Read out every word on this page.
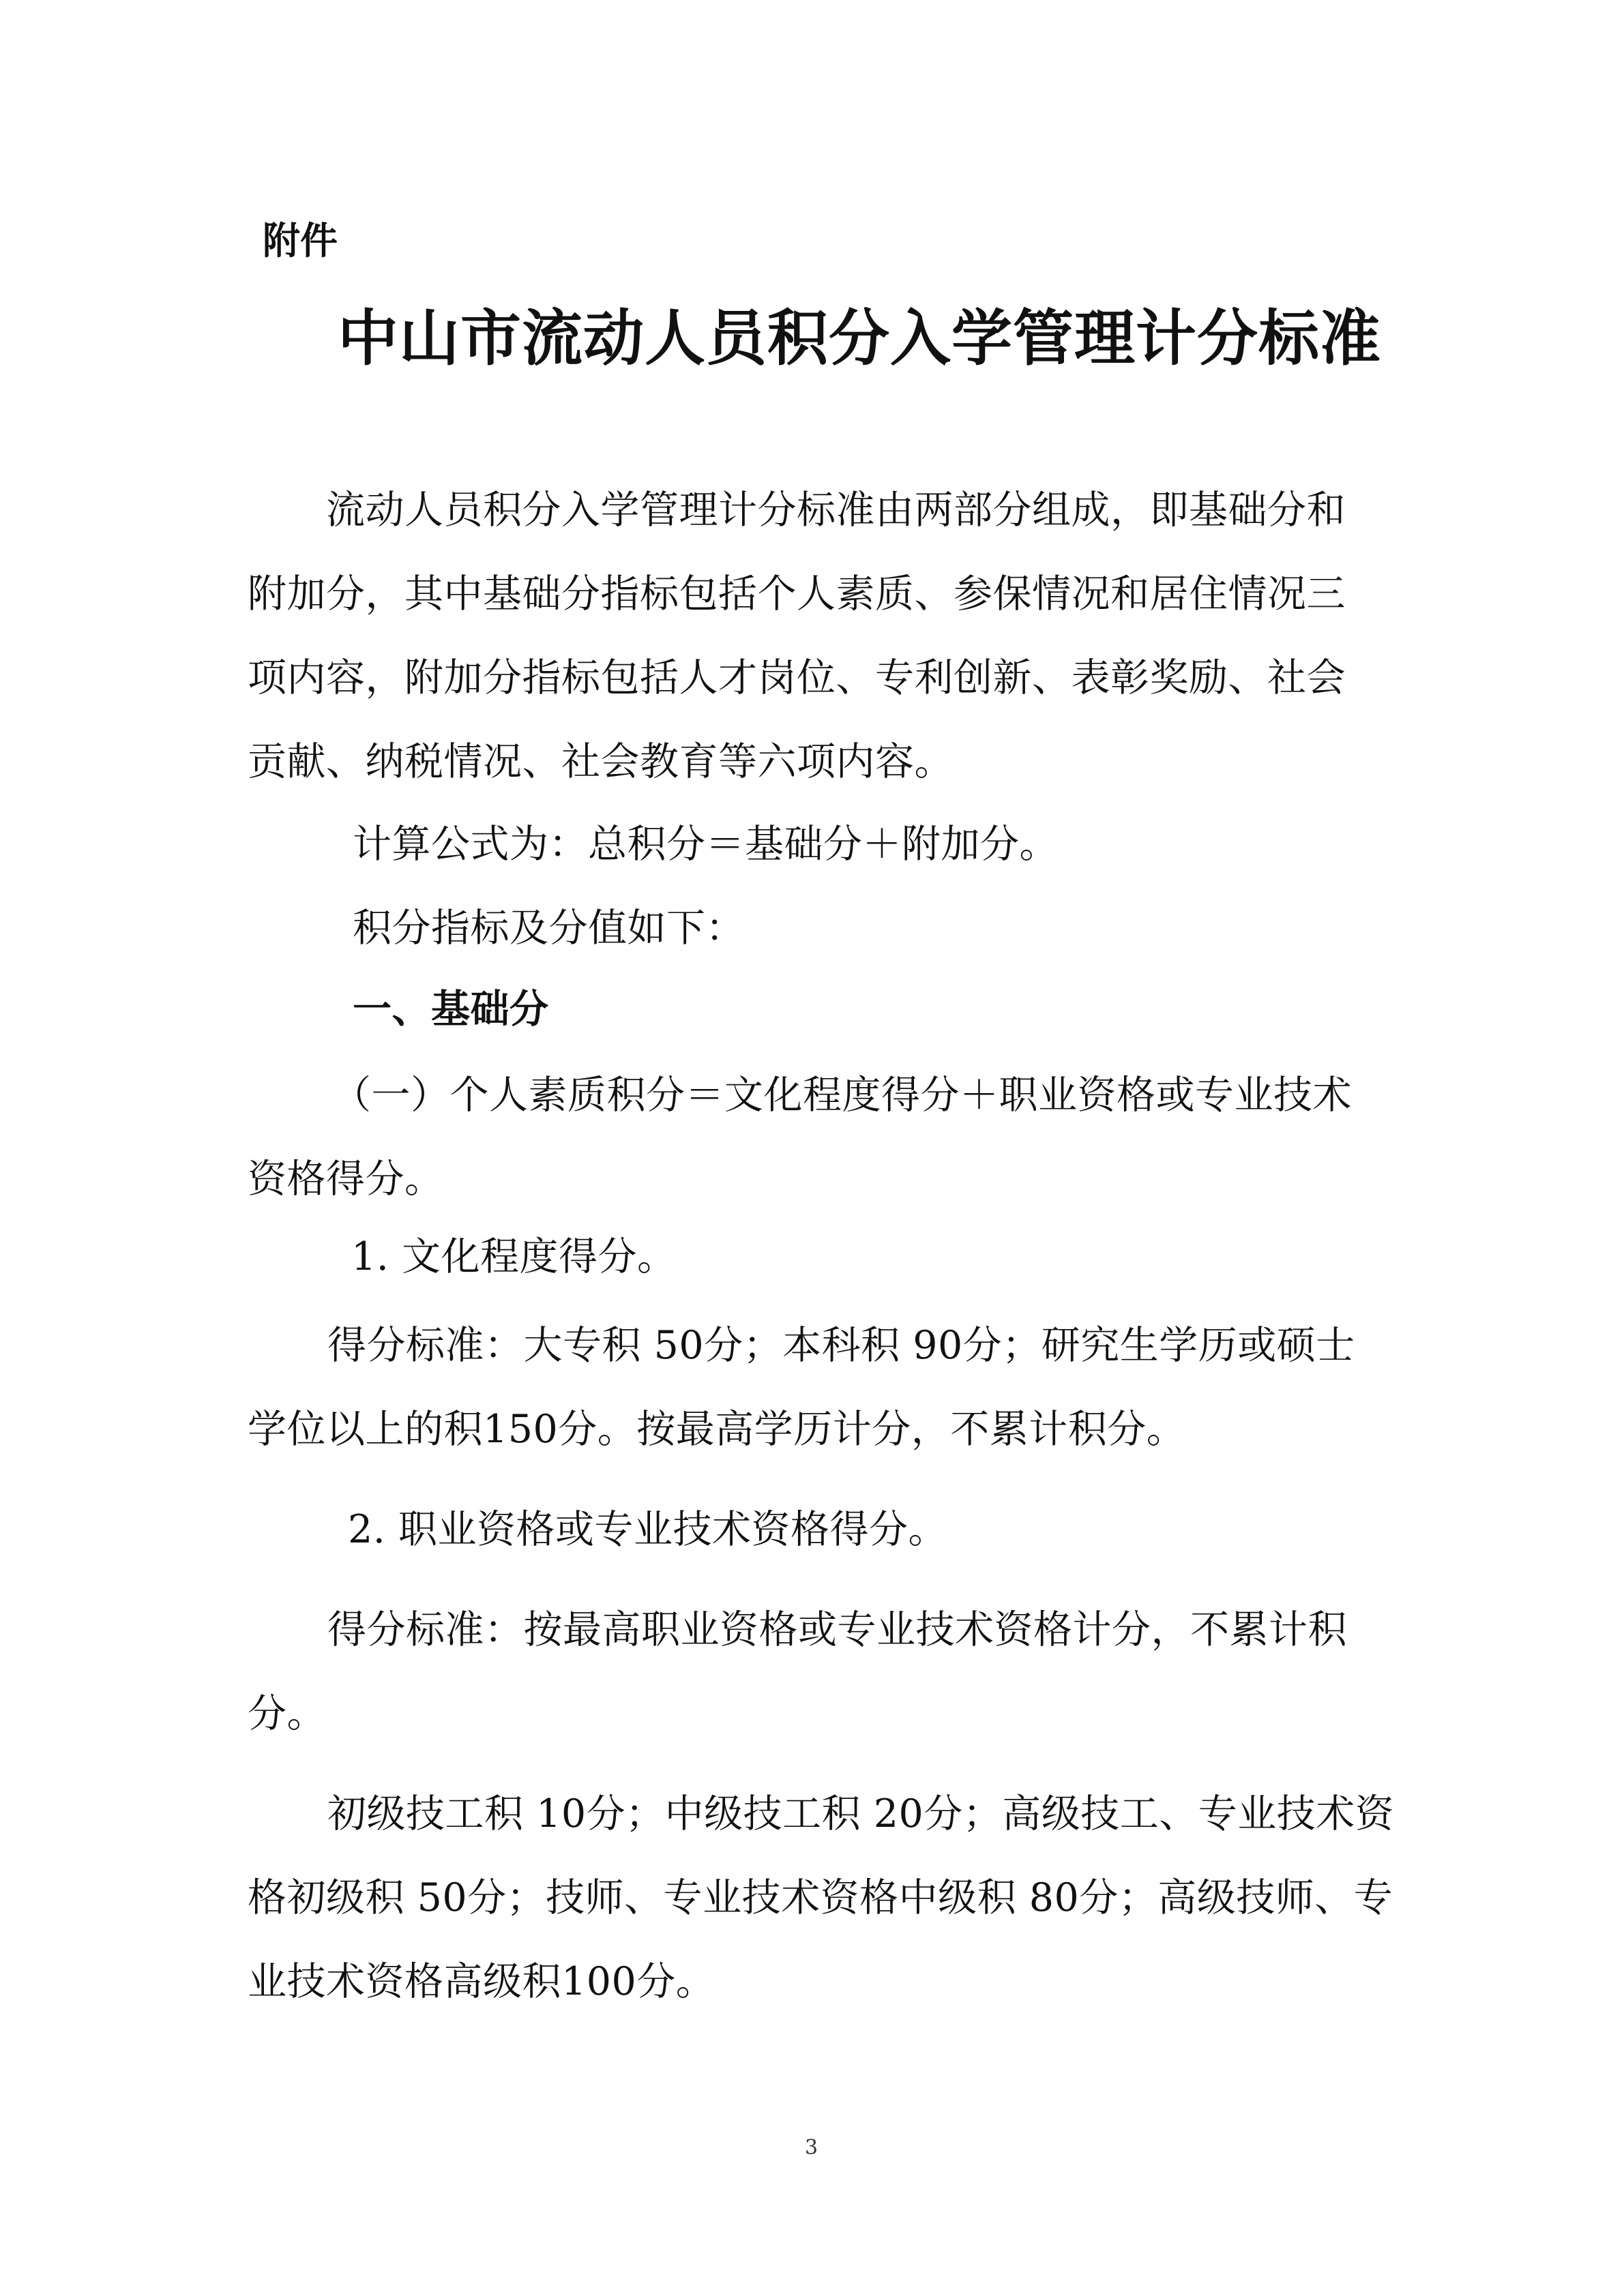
附件
中山市流动人员积分入学管理计分标准

流动人员积分入学管理计分标准由两部分组成，即基础分和

附加分，其中基础分指标包括个人素质、参保情况和居住情况三

项内容，附加分指标包括人才岗位、专利创新、表彰奖励、社会

贡献、纳税情况、社会教育等六项内容。

计算公式为：总积分＝基础分＋附加分。

积分指标及分值如下：

一、基础分

（一）个人素质积分＝文化程度得分＋职业资格或专业技术

资格得分。

1. 文化程度得分。

得分标准：大专积 50分；本科积 90分；研究生学历或硕士

学位以上的积150分。按最高学历计分，不累计积分。

2. 职业资格或专业技术资格得分。

得分标准：按最高职业资格或专业技术资格计分，不累计积

分。

初级技工积 10分；中级技工积 20分；高级技工、专业技术资

格初级积 50分；技师、专业技术资格中级积 80分；高级技师、专

业技术资格高级积100分。

3
